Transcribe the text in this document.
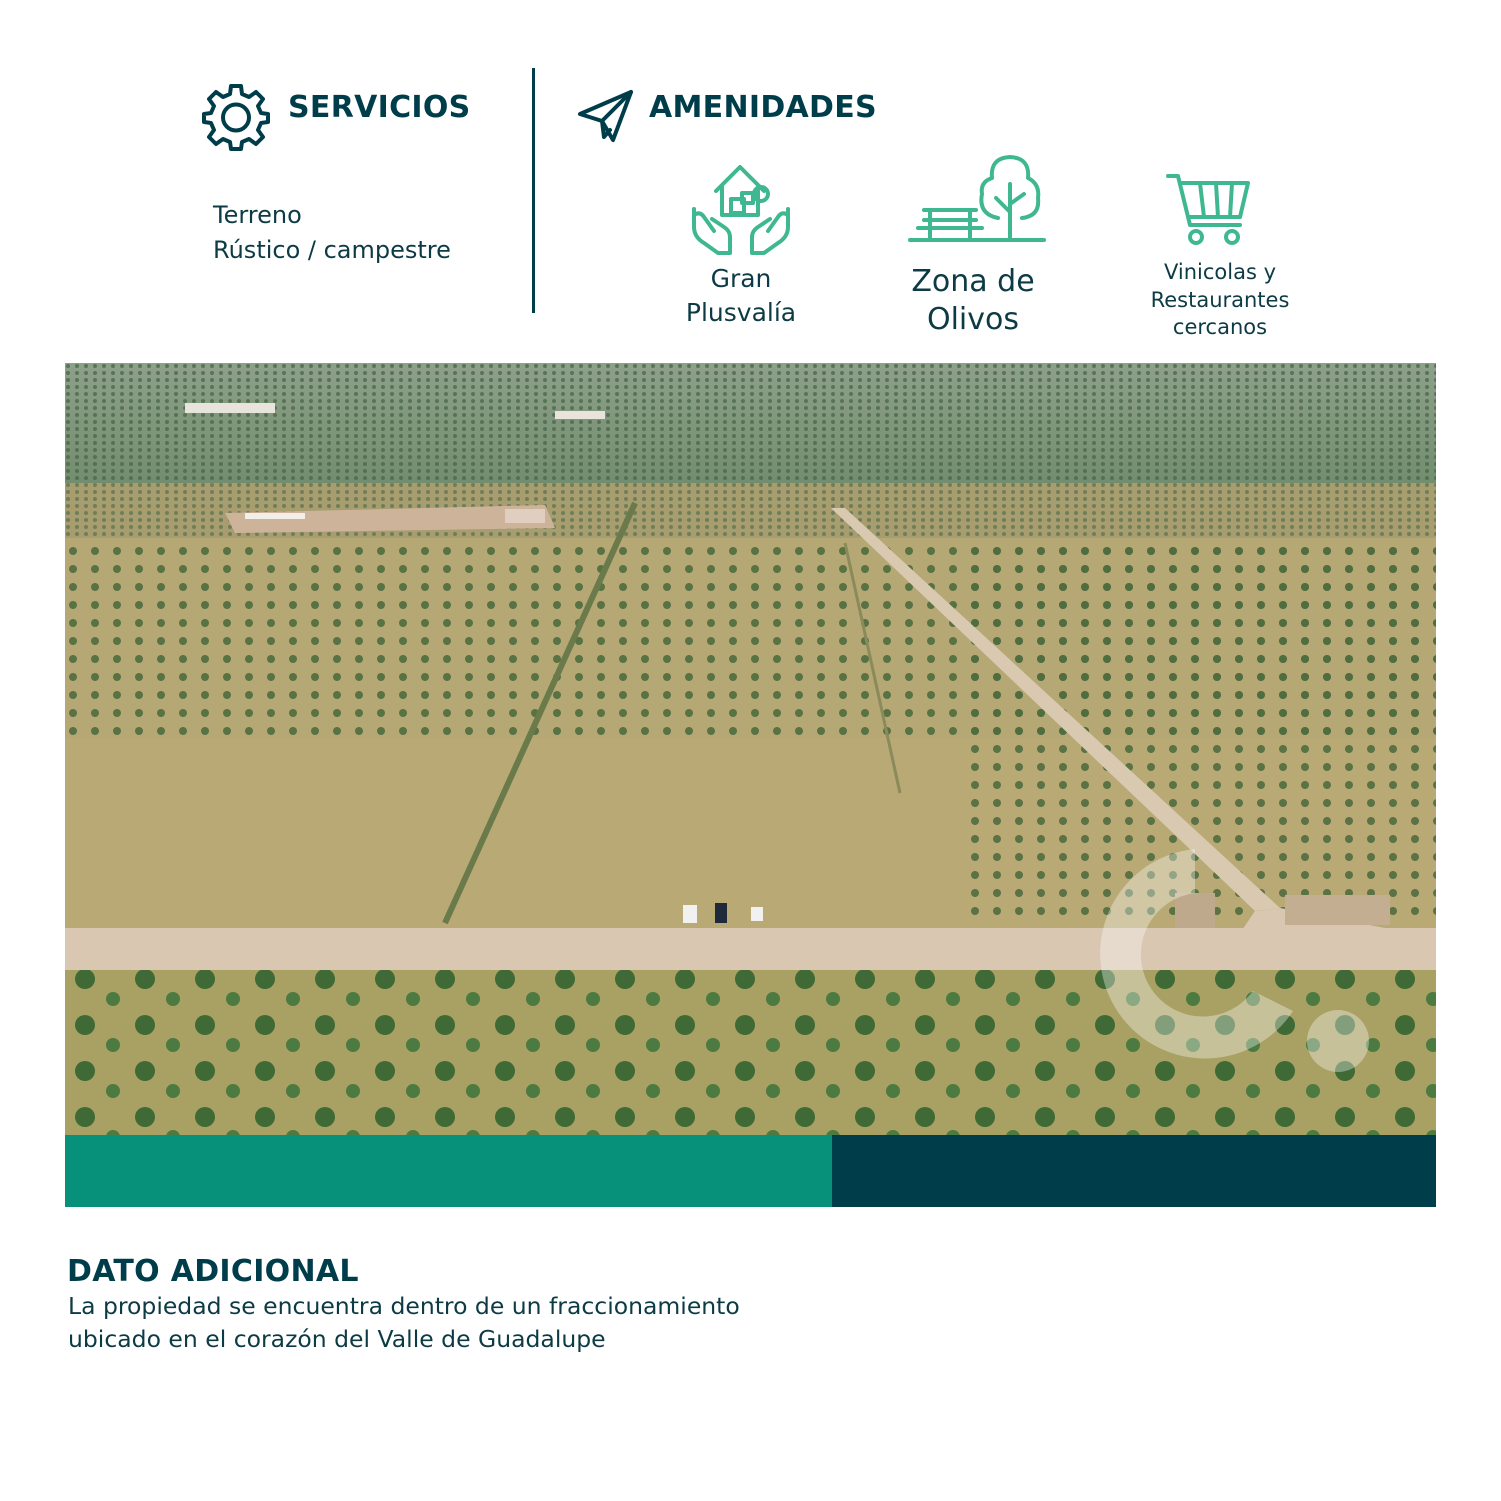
SERVICIOS
Terreno
Rústico / campestre
AMENIDADES
Gran
Plusvalía
Zona de
Olivos
Vinicolas y
Restaurantes
cercanos
DATO ADICIONAL
La propiedad se encuentra dentro de un fraccionamiento
ubicado en el corazón del Valle de Guadalupe
